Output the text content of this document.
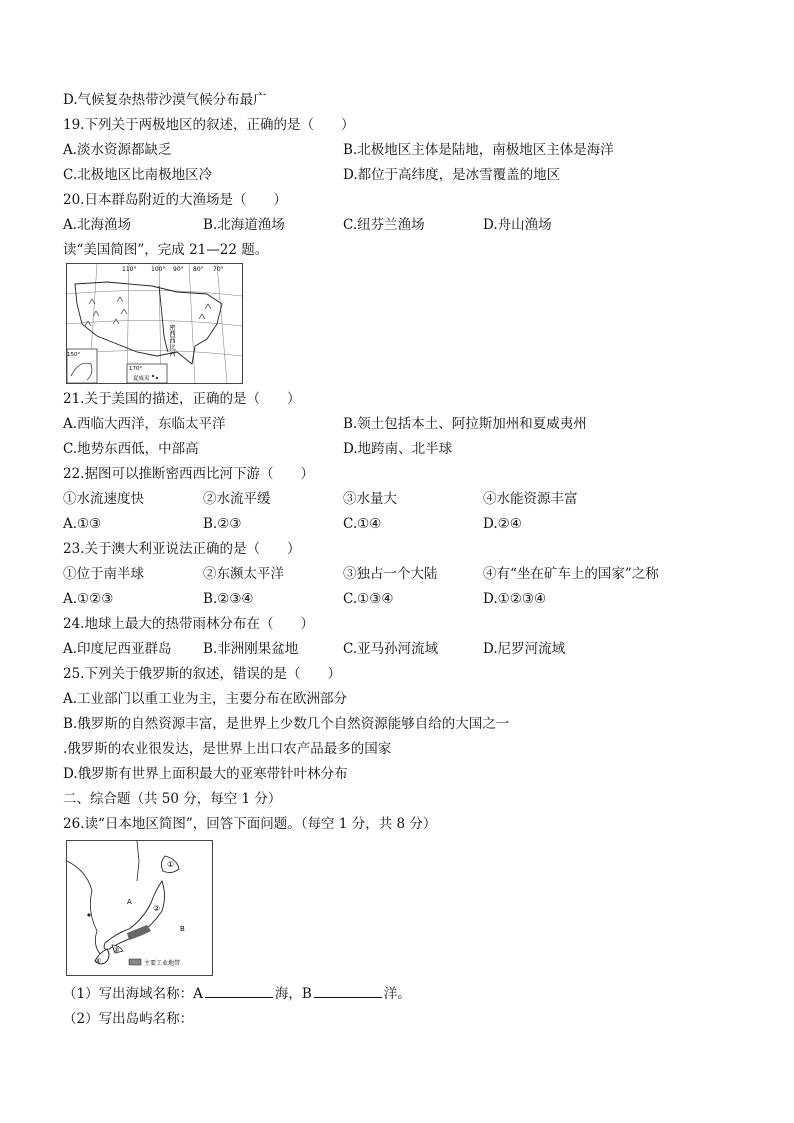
D.气候复杂热带沙漠气候分布最广
19.下列关于两极地区的叙述，正确的是（　　）
A.淡水资源都缺乏	B.北极地区主体是陆地，南极地区主体是海洋
C.北极地区比南极地区冷	D.都位于高纬度，是冰雪覆盖的地区
20.日本群岛附近的大渔场是（　　）
A.北海渔场	B.北海道渔场	C.纽芬兰渔场	D.舟山渔场
读“美国简图”，完成 21—22 题。
110° 100° 90° 80° 70°
密西西比河
170°
150°
夏威夷
21.关于美国的描述，正确的是（　　）
A.西临大西洋，东临太平洋	B.领土包括本土、阿拉斯加州和夏威夷州
C.地势东西低，中部高	D.地跨南、北半球
22.据图可以推断密西西比河下游（　　）
①水流速度快	②水流平缓	③水量大	④水能资源丰富
A.①③	B.②③	C.①④	D.②④
23.关于澳大利亚说法正确的是（　　）
①位于南半球	②东濒太平洋	③独占一个大陆	④有“坐在矿车上的国家”之称
A.①②③	B.②③④	C.①③④	D.①②③④
24.地球上最大的热带雨林分布在（　　）
A.印度尼西亚群岛 B.非洲刚果盆地	C.亚马孙河流域	D.尼罗河流域
25.下列关于俄罗斯的叙述，错误的是（　　）
A.工业部门以重工业为主，主要分布在欧洲部分
B.俄罗斯的自然资源丰富，是世界上少数几个自然资源能够自给的大国之一
.俄罗斯的农业很发达，是世界上出口农产品最多的国家
D.俄罗斯有世界上面积最大的亚寒带针叶林分布
二、综合题（共 50 分，每空 1 分）
26.读“日本地区简图”，回答下面问题。（每空 1 分，共 8 分）
A
B
①
②
③
④	主要工业地带
（1）写出海域名称：A	海，B	洋。
（2）写出岛屿名称：
